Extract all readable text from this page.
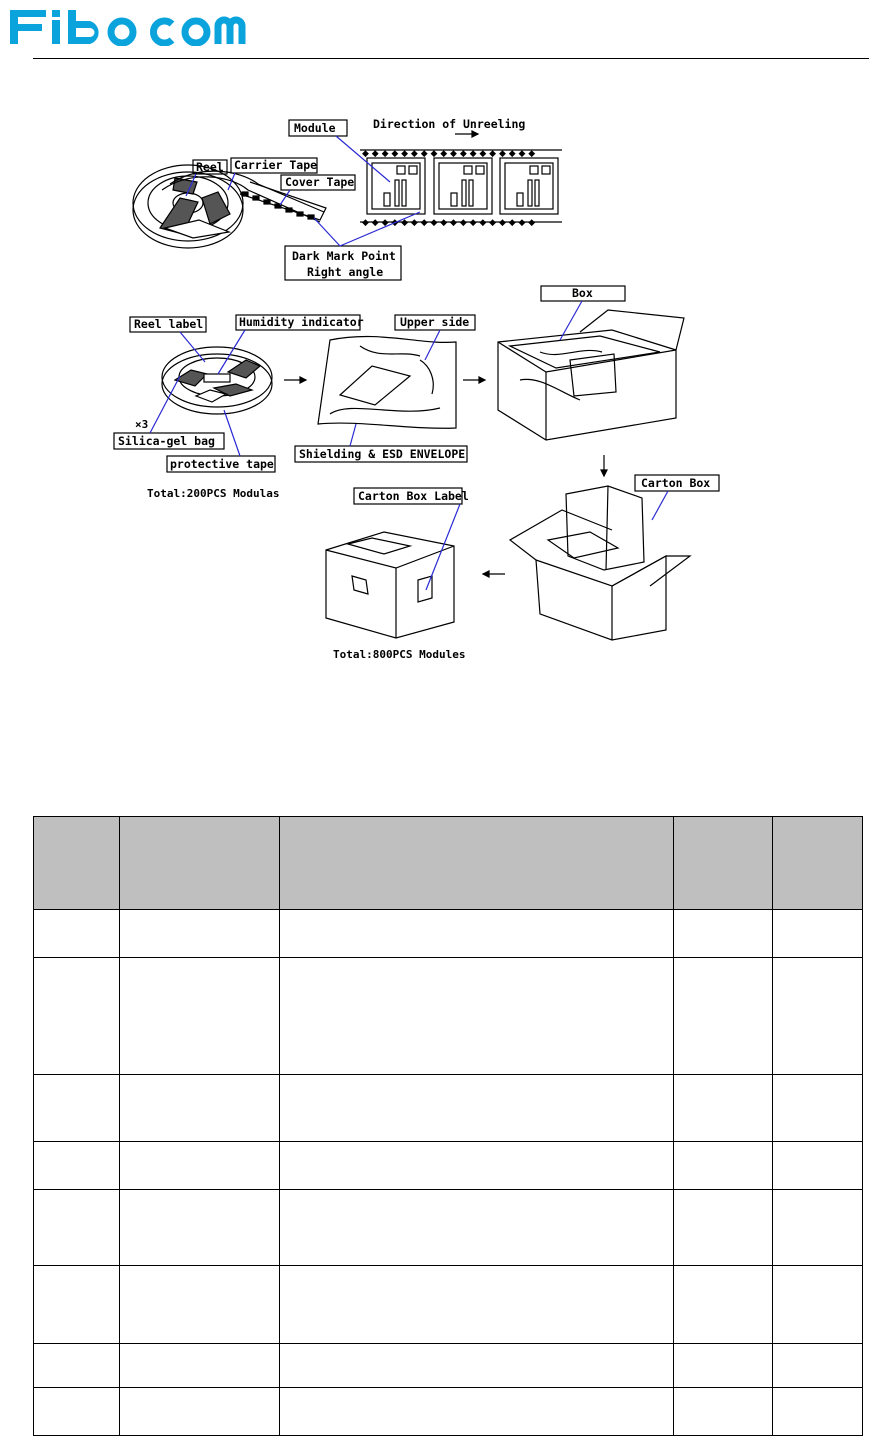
◆ ◆ ◆ ◆ ◆ ◆ ◆ ◆ ◆ ◆ ◆ ◆ ◆ ◆ ◆ ◆ ◆ ◆
◆ ◆ ◆ ◆ ◆ ◆ ◆ ◆ ◆ ◆ ◆ ◆ ◆ ◆ ◆ ◆ ◆ ◆
Module	Direction of Unreeling
Reel Carrier Tape
Cover Tape
Dark Mark Point
Right angle
Reel label	Humidity indicator	Upper side
Box
×3
Silica-gel bag
protective tape
Shielding & ESD ENVELOPE
Total:200PCS Modulas	Carton Box Label
Carton Box
Total:800PCS Modules
